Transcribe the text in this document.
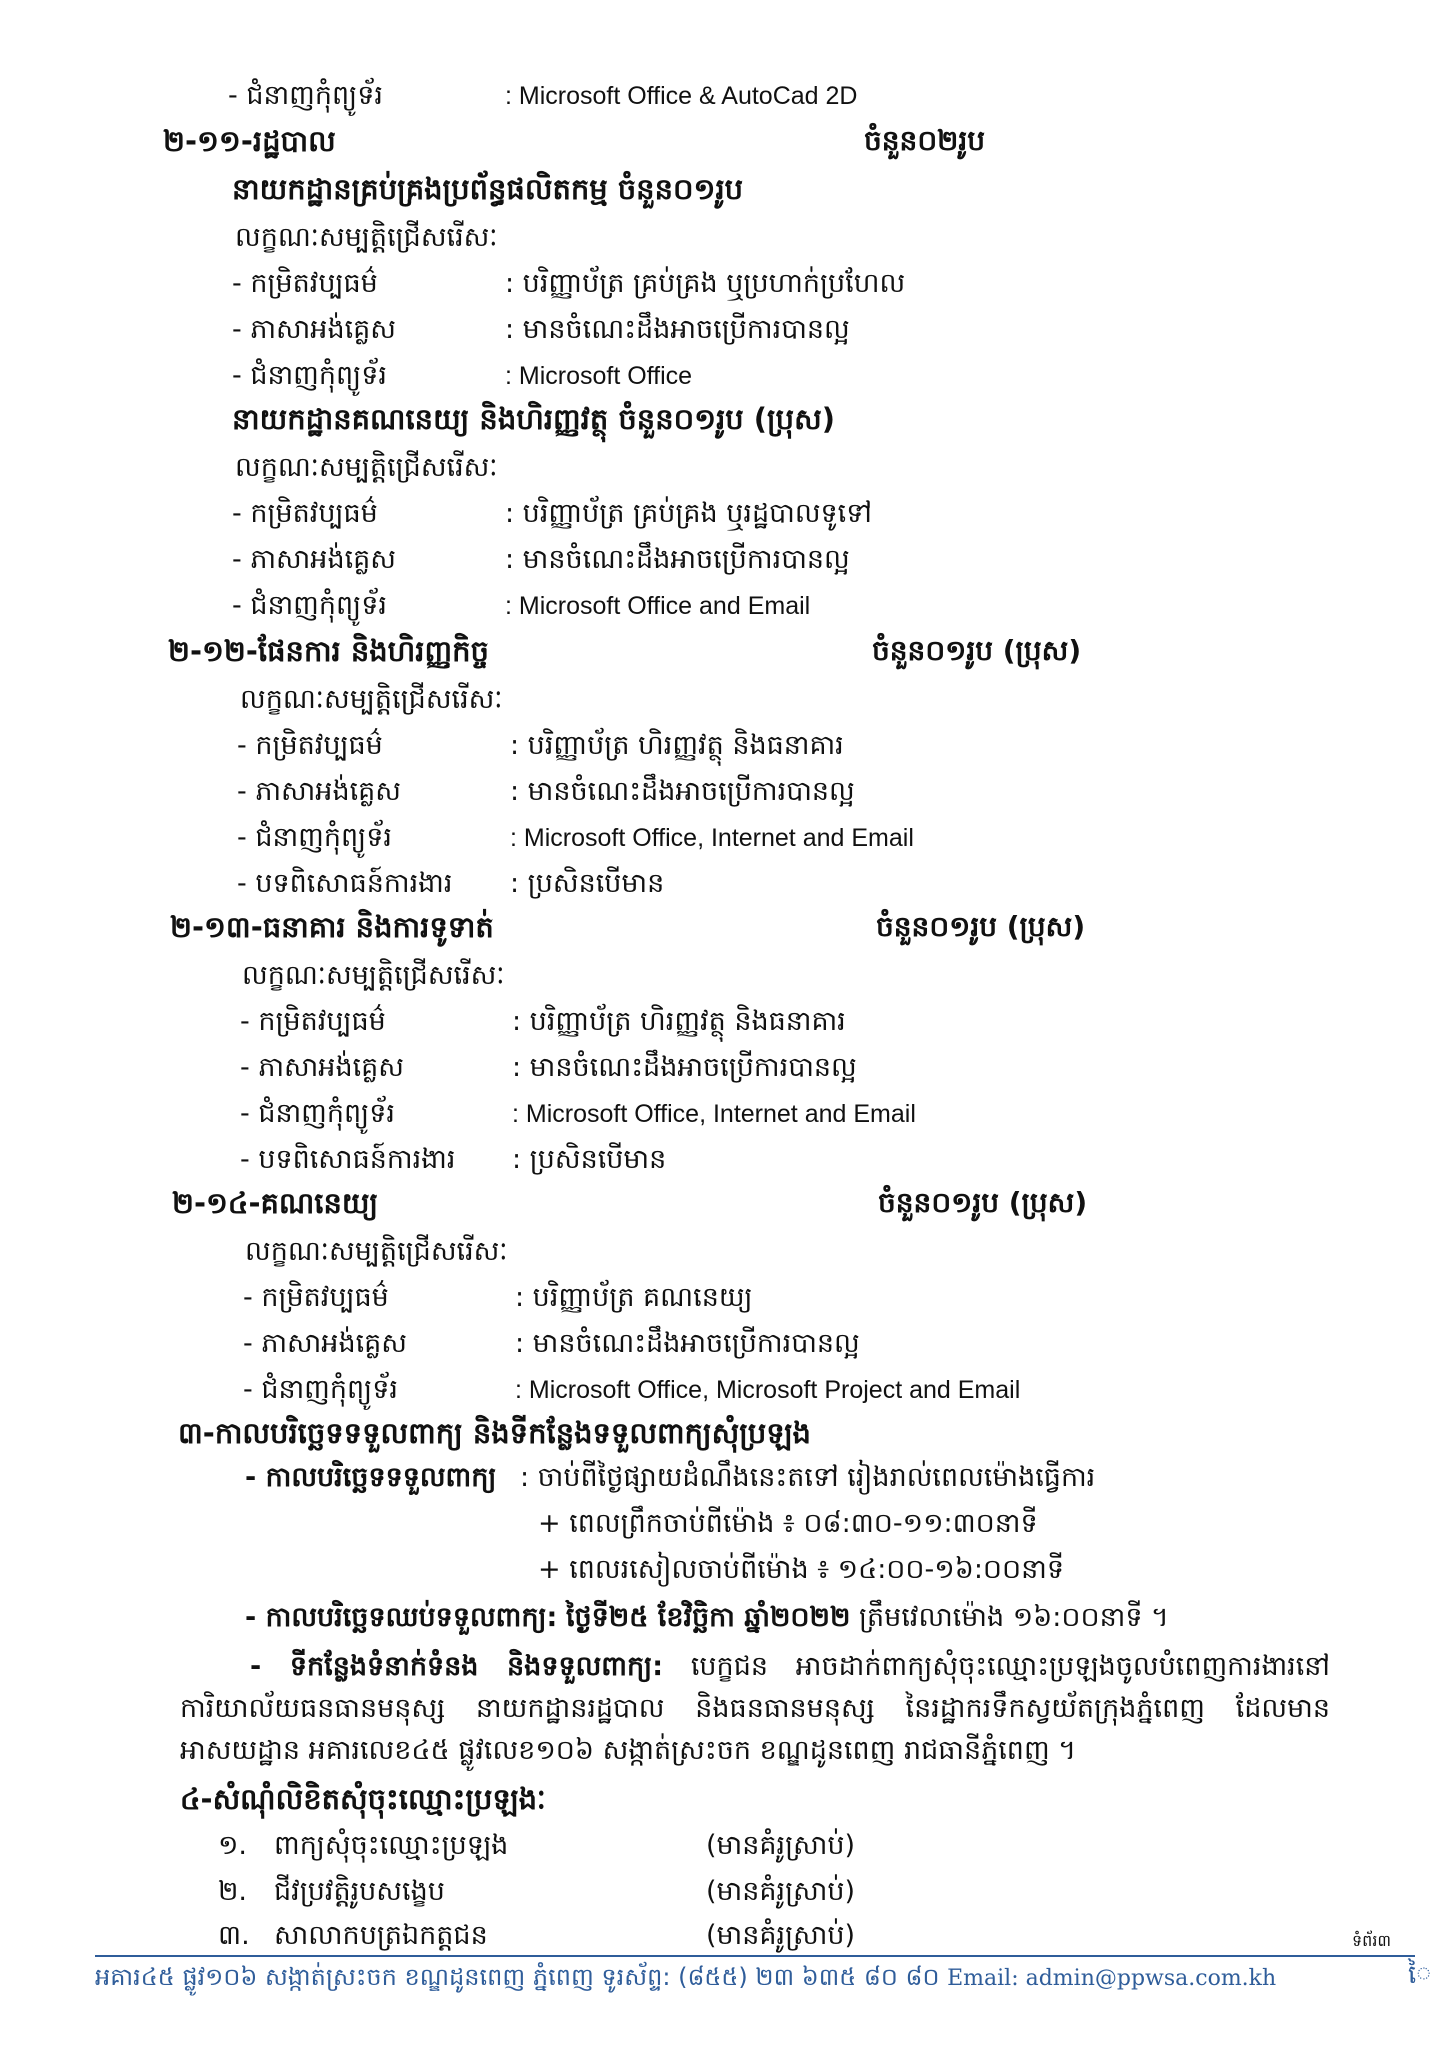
- ជំនាញកុំព្យូទ័រ	: Microsoft Office & AutoCad 2D
២-១១-រដ្ឋបាល	ចំនួន០២រូប
នាយកដ្ឋានគ្រប់គ្រងប្រព័ន្ធផលិតកម្ម ចំនួន០១រូប
លក្ខណៈសម្បត្តិជ្រើសរើសៈ
- កម្រិតវប្បធម៌	: បរិញ្ញាប័ត្រ គ្រប់គ្រង ឬប្រហាក់ប្រហែល
- ភាសាអង់គ្លេស	: មានចំណេះដឹងអាចប្រើការបានល្អ
- ជំនាញកុំព្យូទ័រ	: Microsoft Office
នាយកដ្ឋានគណនេយ្យ និងហិរញ្ញវត្ថុ ចំនួន០១រូប (ប្រុស)
លក្ខណៈសម្បត្តិជ្រើសរើសៈ
- កម្រិតវប្បធម៌	: បរិញ្ញាប័ត្រ គ្រប់គ្រង ឬរដ្ឋបាលទូទៅ
- ភាសាអង់គ្លេស	: មានចំណេះដឹងអាចប្រើការបានល្អ
- ជំនាញកុំព្យូទ័រ	: Microsoft Office and Email
២-១២-ផែនការ និងហិរញ្ញកិច្ច	ចំនួន០១រូប (ប្រុស)
លក្ខណៈសម្បត្តិជ្រើសរើសៈ
- កម្រិតវប្បធម៌	: បរិញ្ញាប័ត្រ ហិរញ្ញវត្ថុ និងធនាគារ
- ភាសាអង់គ្លេស	: មានចំណេះដឹងអាចប្រើការបានល្អ
- ជំនាញកុំព្យូទ័រ	: Microsoft Office, Internet and Email
- បទពិសោធន៍ការងារ : ប្រសិនបើមាន
២-១៣-ធនាគារ និងការទូទាត់	ចំនួន០១រូប (ប្រុស)
លក្ខណៈសម្បត្តិជ្រើសរើសៈ
- កម្រិតវប្បធម៌	: បរិញ្ញាប័ត្រ ហិរញ្ញវត្ថុ និងធនាគារ
- ភាសាអង់គ្លេស	: មានចំណេះដឹងអាចប្រើការបានល្អ
- ជំនាញកុំព្យូទ័រ	: Microsoft Office, Internet and Email
- បទពិសោធន៍ការងារ : ប្រសិនបើមាន
២-១៤-គណនេយ្យ	ចំនួន០១រូប (ប្រុស)
លក្ខណៈសម្បត្តិជ្រើសរើសៈ
- កម្រិតវប្បធម៌	: បរិញ្ញាប័ត្រ គណនេយ្យ
- ភាសាអង់គ្លេស	: មានចំណេះដឹងអាចប្រើការបានល្អ
- ជំនាញកុំព្យូទ័រ	: Microsoft Office, Microsoft Project and Email
៣-កាលបរិច្ឆេទទទួលពាក្យ និងទីកន្លែងទទួលពាក្យសុំប្រឡង
- កាលបរិច្ឆេទទទួលពាក្យ : ចាប់ពីថ្ងៃផ្សាយដំណឹងនេះតទៅ រៀងរាល់ពេលម៉ោងធ្វើការ
+ ពេលព្រឹកចាប់ពីម៉ោង ៖ ០៨:៣០-១១:៣០នាទី
+ ពេលរសៀលចាប់ពីម៉ោង ៖ ១៤:០០-១៦:០០នាទី
- កាលបរិច្ឆេទឈប់ទទួលពាក្យ: ថ្ងៃទី២៥ ខែវិច្ឆិកា ឆ្នាំ២០២២ ត្រឹមវេលាម៉ោង ១៦:០០នាទី ។
- ទីកន្លែងទំនាក់ទំនង និងទទួលពាក្យ: បេក្ខជន អាចដាក់ពាក្យសុំចុះឈ្មោះប្រឡងចូលបំពេញការងារនៅ ការិយាល័យធនធានមនុស្ស នាយកដ្ឋានរដ្ឋបាល និងធនធានមនុស្ស នៃរដ្ឋាករទឹកស្វយ័តក្រុងភ្នំពេញ ដែលមានអាសយដ្ឋាន អគារលេខ៤៥ ផ្លូវលេខ១០៦ សង្កាត់ស្រះចក ខណ្ឌដូនពេញ រាជធានីភ្នំពេញ ។
៤-សំណុំលិខិតសុំចុះឈ្មោះប្រឡងៈ
១. ពាក្យសុំចុះឈ្មោះប្រឡង	(មានគំរូស្រាប់)
២. ជីវប្រវត្តិរូបសង្ខេប	(មានគំរូស្រាប់)
៣. សាលាកបត្រឯកត្តជន	(មានគំរូស្រាប់)	ទំព័រ៣
អគារ៤៥ ផ្លូវ១០៦ សង្កាត់ស្រះចក ខណ្ឌដូនពេញ ភ្នំពេញ ទូរស័ព្ទ: (៨៥៥) ២៣ ៦៣៥ ៨០ ៨០ Email: admin@ppwsa.com.kh	ៃ
